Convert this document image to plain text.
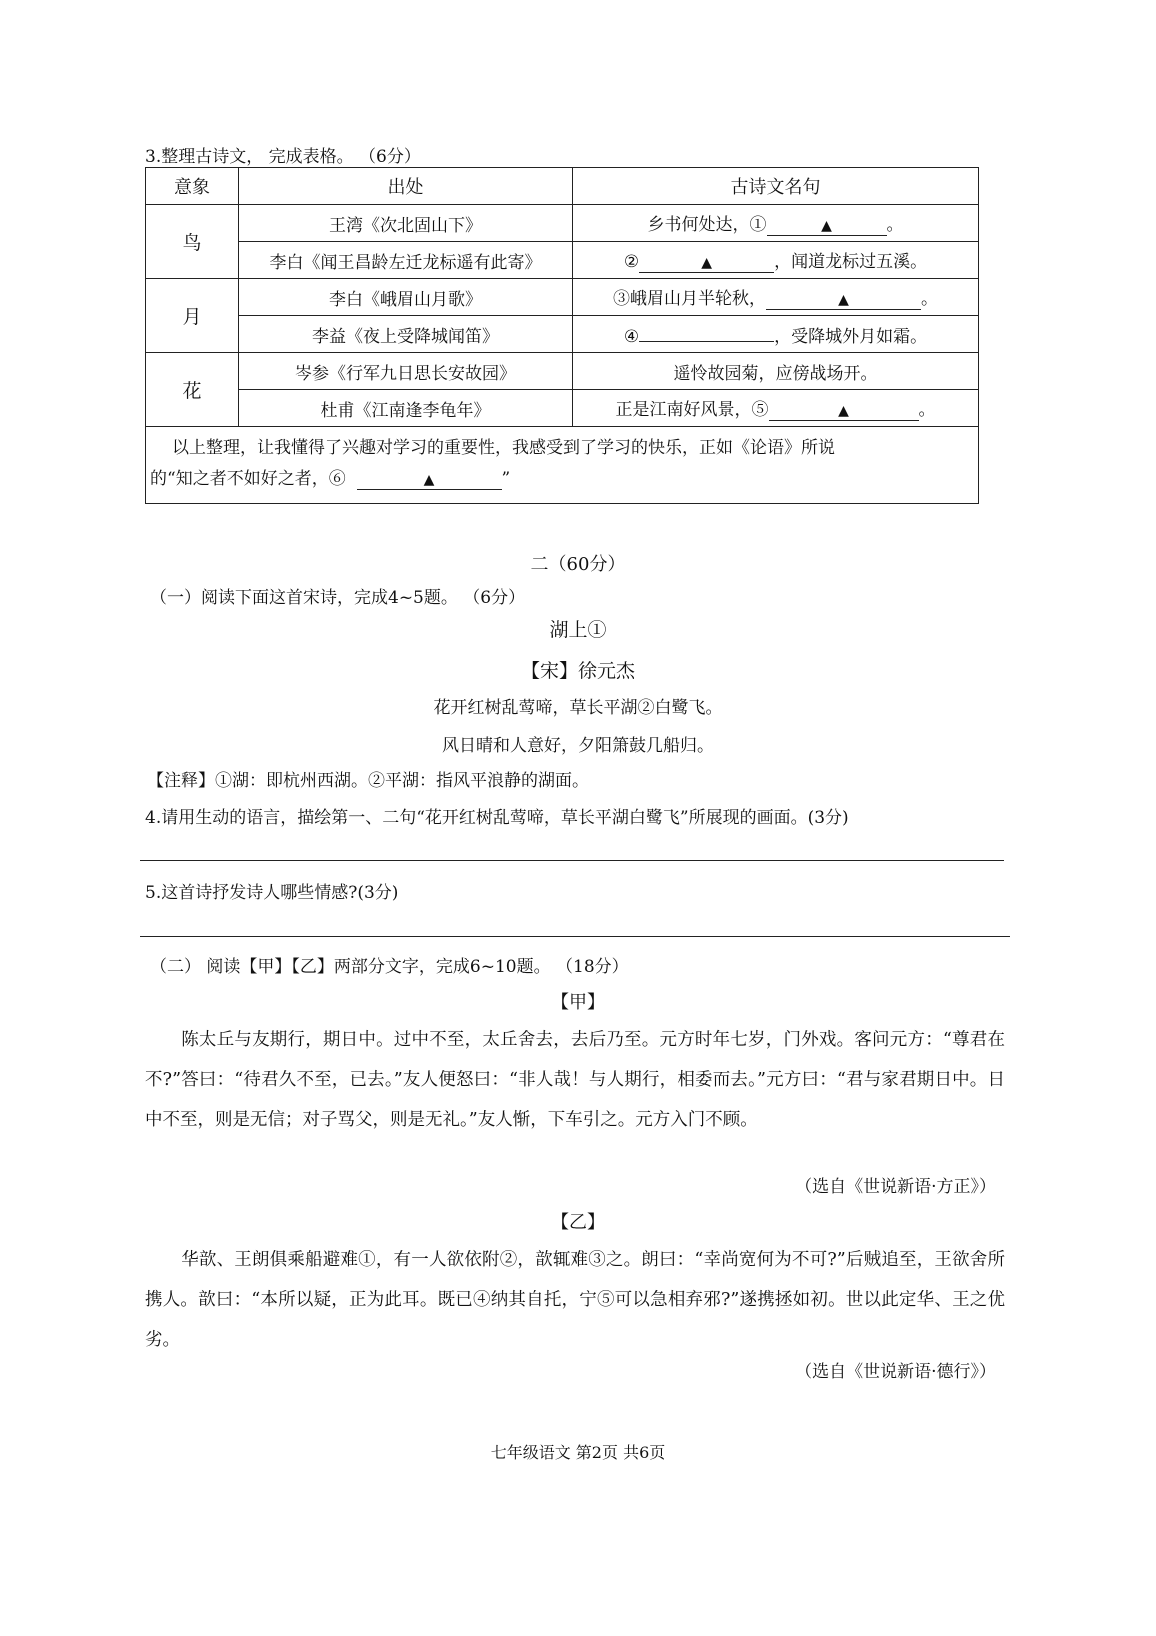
3.整理古诗文， 完成表格。 （6分）
意象	出处	古诗文名句
鸟	王湾《次北固山下》	乡书何处达，① ▲ 。
	李白《闻王昌龄左迁龙标遥有此寄》	② ▲ ，闻道龙标过五溪。
月	李白《峨眉山月歌》	③峨眉山月半轮秋， ▲ 。
	李益《夜上受降城闻笛》	④ ，受降城外月如霜。
花	岑参《行军九日思长安故园》	遥怜故园菊，应傍战场开。
	杜甫《江南逢李龟年》	正是江南好风景，⑤ ▲ 。
以上整理，让我懂得了兴趣对学习的重要性，我感受到了学习的快乐，正如《论语》所说
的“知之者不如好之者，⑥ ▲ ”		
二（60分）
（一）阅读下面这首宋诗，完成4~5题。 （6分）
湖上①
【宋】徐元杰
花开红树乱莺啼，草长平湖②白鹭飞。
风日晴和人意好，夕阳箫鼓几船归。
【注释】①湖：即杭州西湖。②平湖：指风平浪静的湖面。
4.请用生动的语言，描绘第一、二句“花开红树乱莺啼，草长平湖白鹭飞”所展现的画面。(3分)
5.这首诗抒发诗人哪些情感?(3分)
（二） 阅读【甲】【乙】两部分文字，完成6~10题。 （18分）
【甲】
陈太丘与友期行，期日中。过中不至，太丘舍去，去后乃至。元方时年七岁，门外戏。客问元方：“尊君在不?”答曰：“待君久不至，已去。”友人便怒曰：“非人哉！与人期行，相委而去。”元方曰：“君与家君期日中。日中不至，则是无信；对子骂父，则是无礼。”友人惭，下车引之。元方入门不顾。
（选自《世说新语·方正》）
【乙】
华歆、王朗俱乘船避难①，有一人欲依附②，歆辄难③之。朗曰：“幸尚宽何为不可?”后贼追至，王欲舍所携人。歆曰：“本所以疑，正为此耳。既已④纳其自托，宁⑤可以急相弃邪?”遂携拯如初。世以此定华、王之优劣。
（选自《世说新语·德行》）
七年级语文 第2页 共6页
